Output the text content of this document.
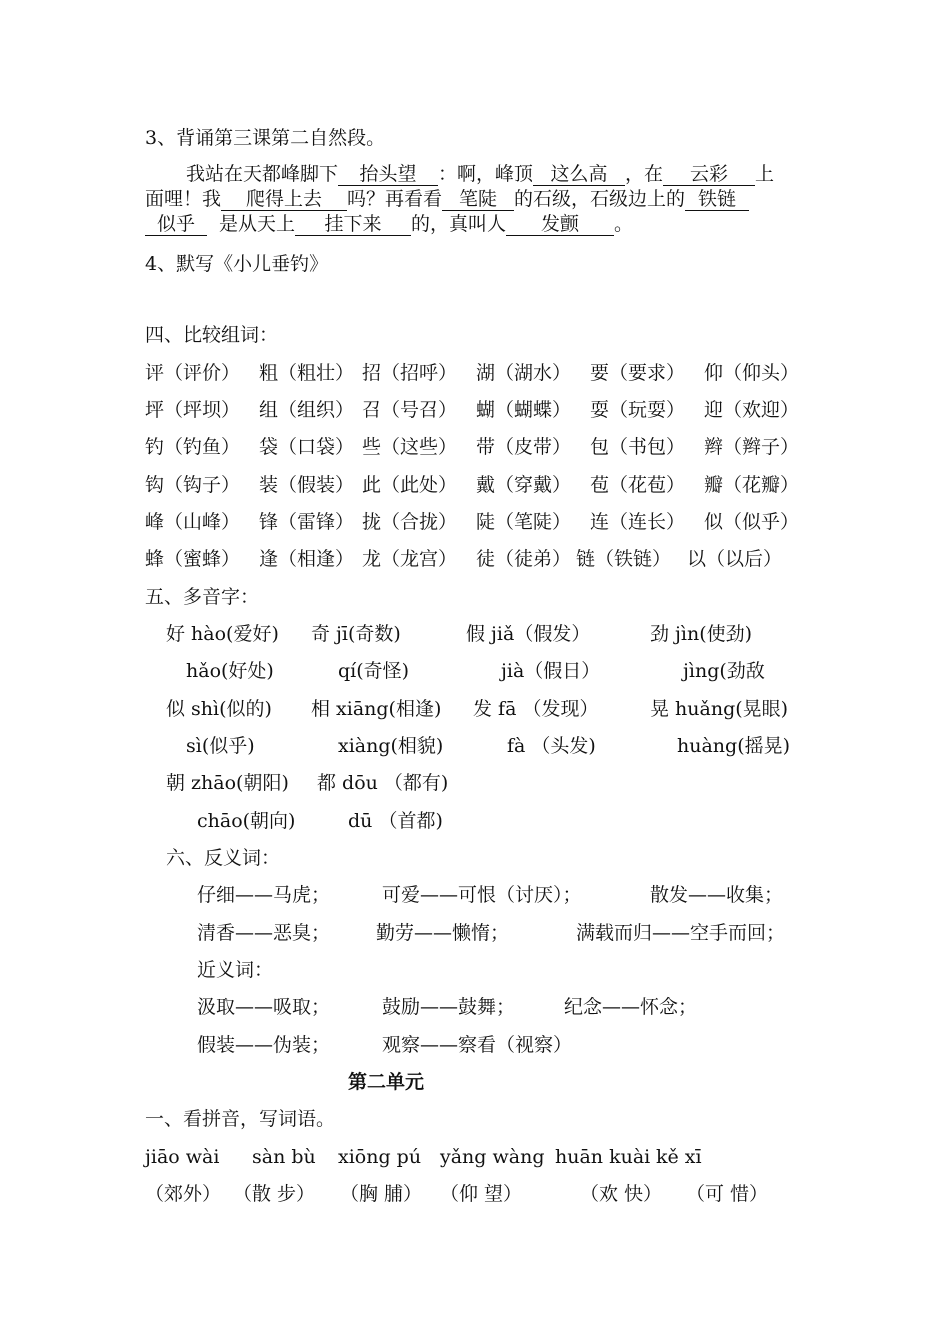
3、背诵第三课第二自然段。
我站在天都峰脚下 抬头望 ：啊，峰顶 这么高 ，在 云彩 上
面哩！我 爬得上去 吗？再看看 笔陡 的石级，石级边上的 铁链
似乎 是从天上 挂下来 的，真叫人 发颤 。
4、默写《小儿垂钓》
四、比较组词：
评（评价） 粗（粗壮） 招（招呼） 湖（湖水） 要（要求） 仰（仰头）
坪（坪坝） 组（组织） 召（号召） 蝴（蝴蝶） 耍（玩耍） 迎（欢迎）
钓（钓鱼） 袋（口袋） 些（这些） 带（皮带） 包（书包） 辫（辫子）
钩（钩子） 装（假装） 此（此处） 戴（穿戴） 苞（花苞） 瓣（花瓣）
峰（山峰） 锋（雷锋） 拢（合拢） 陡（笔陡） 连（连长） 似（似乎）
蜂（蜜蜂） 逢（相逢） 龙（龙宫） 徒（徒弟） 链（铁链） 以（以后）
五、多音字：
好 hào(爱好) 奇 jī(奇数)	假 jiǎ（假发）	劲 jìn(使劲)
hǎo(好处)	qí(奇怪)	jià（假日）	jìng(劲敌
似 shì(似的) 相 xiāng(相逢) 发 fā （发现）	晃 huǎng(晃眼)
sì(似乎)	xiàng(相貌)	fà （头发)	huàng(摇晃)
朝 zhāo(朝阳) 都 dōu （都有)
chāo(朝向)	dū （首都)
六、反义词：
仔细——马虎；	可爱——可恨（讨厌）；	散发——收集；
清香——恶臭； 勤劳——懒惰；	满载而归——空手而回；
近义词：
汲取——吸取；	鼓励——鼓舞；	纪念——怀念；
假装——伪装；	观察——察看（视察）
第二单元
一、看拼音，写词语。
jiāo wài sàn bù xiōng pú yǎng wàng huān kuài kě xī
（郊外） （散 步） （胸 脯） （仰 望）	（欢 快） （可 惜）
